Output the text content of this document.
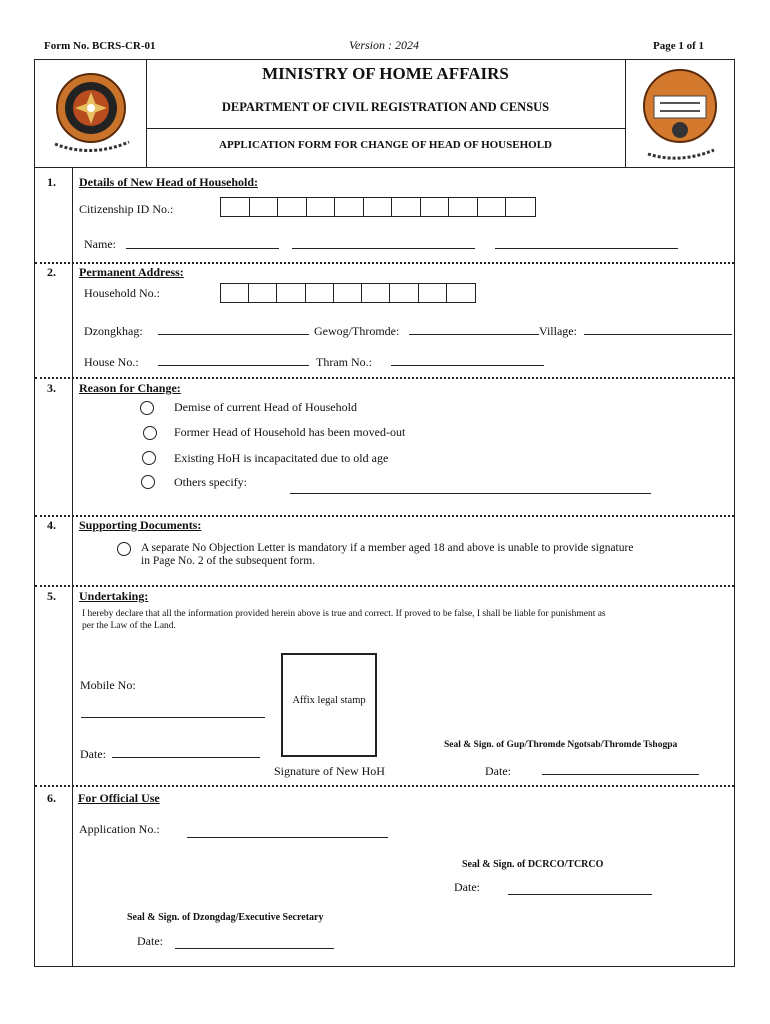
Form No. BCRS-CR-01	Version : 2024	Page 1 of 1
MINISTRY OF HOME AFFAIRS
DEPARTMENT OF CIVIL REGISTRATION AND CENSUS
APPLICATION FORM FOR CHANGE OF HEAD OF HOUSEHOLD
1. Details of New Head of Household:
Citizenship ID No.:
Name:
2. Permanent Address:
Household No.:
Dzongkhag:	Gewog/Thromde:	Village:
House No.:	Thram No.:
3. Reason for Change:
Demise of current Head of Household
Former Head of Household has been moved-out
Existing HoH is incapacitated due to old age
Others specify:
4. Supporting Documents:
A separate No Objection Letter is mandatory if a member aged 18 and above is unable to provide signature
in Page No. 2 of the subsequent form.
5. Undertaking:
I hereby declare that all the information provided herein above is true and correct. If proved to be false, I shall be liable for punishment as
per the Law of the Land.
Mobile No:
Date:
Affix legal stamp
Signature of New HoH
Seal & Sign. of Gup/Thromde Ngotsab/Thromde Tshogpa
Date:
6. For Official Use
Application No.:
Seal & Sign. of DCRCO/TCRCO
Date:
Seal & Sign. of Dzongdag/Executive Secretary
Date:
